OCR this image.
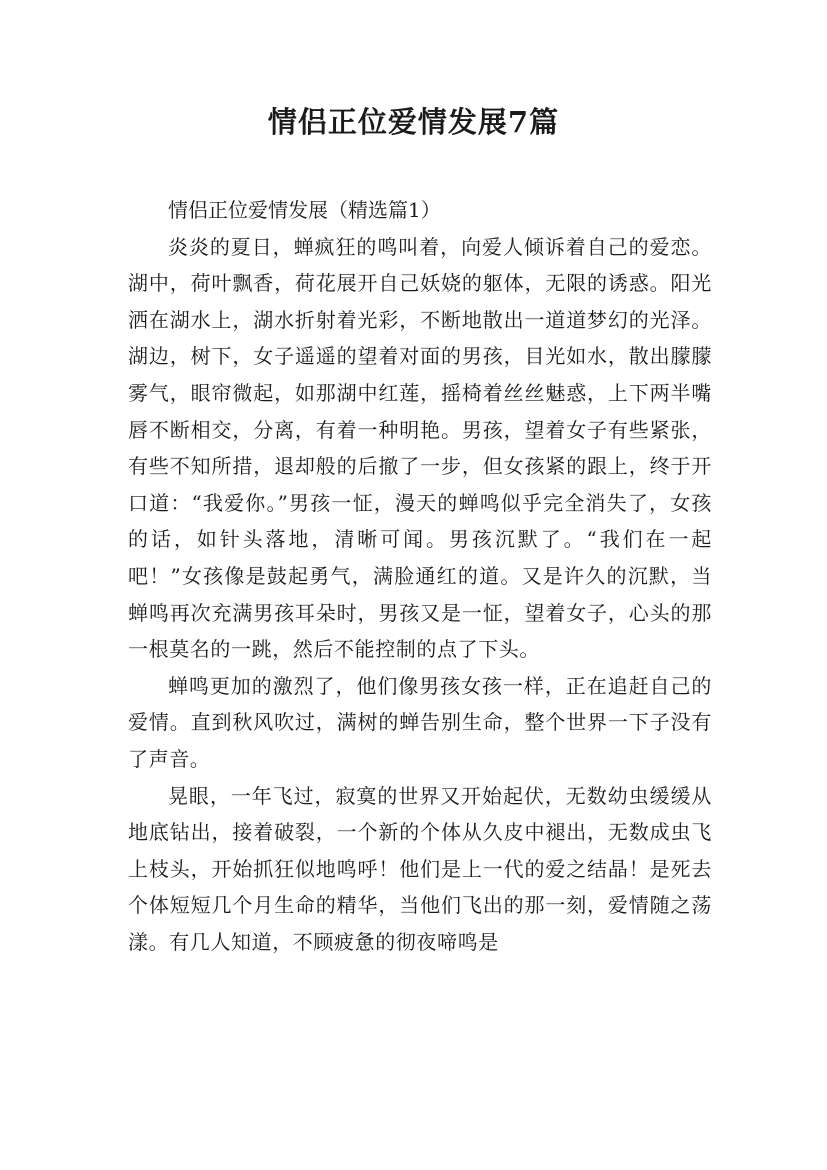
情侣正位爱情发展7篇
情侣正位爱情发展（精选篇1）

炎炎的夏日，蝉疯狂的鸣叫着，向爱人倾诉着自己的爱恋。湖中，荷叶飘香，荷花展开自己妖娆的躯体，无限的诱惑。阳光洒在湖水上，湖水折射着光彩，不断地散出一道道梦幻的光泽。湖边，树下，女子遥遥的望着对面的男孩，目光如水，散出朦朦雾气，眼帘微起，如那湖中红莲，摇椅着丝丝魅惑，上下两半嘴唇不断相交，分离，有着一种明艳。男孩，望着女子有些紧张，有些不知所措，退却般的后撤了一步，但女孩紧的跟上，终于开口道：“我爱你。”男孩一怔，漫天的蝉鸣似乎完全消失了，女孩的话，如针头落地，清晰可闻。男孩沉默了。“我们在一起吧！”女孩像是鼓起勇气，满脸通红的道。又是许久的沉默，当蝉鸣再次充满男孩耳朵时，男孩又是一怔，望着女子，心头的那一根莫名的一跳，然后不能控制的点了下头。

蝉鸣更加的激烈了，他们像男孩女孩一样，正在追赶自己的爱情。直到秋风吹过，满树的蝉告别生命，整个世界一下子没有了声音。

晃眼，一年飞过，寂寞的世界又开始起伏，无数幼虫缓缓从地底钻出，接着破裂，一个新的个体从久皮中褪出，无数成虫飞上枝头，开始抓狂似地鸣呼！他们是上一代的爱之结晶！是死去个体短短几个月生命的精华，当他们飞出的那一刻，爱情随之荡漾。有几人知道，不顾疲惫的彻夜啼鸣是
